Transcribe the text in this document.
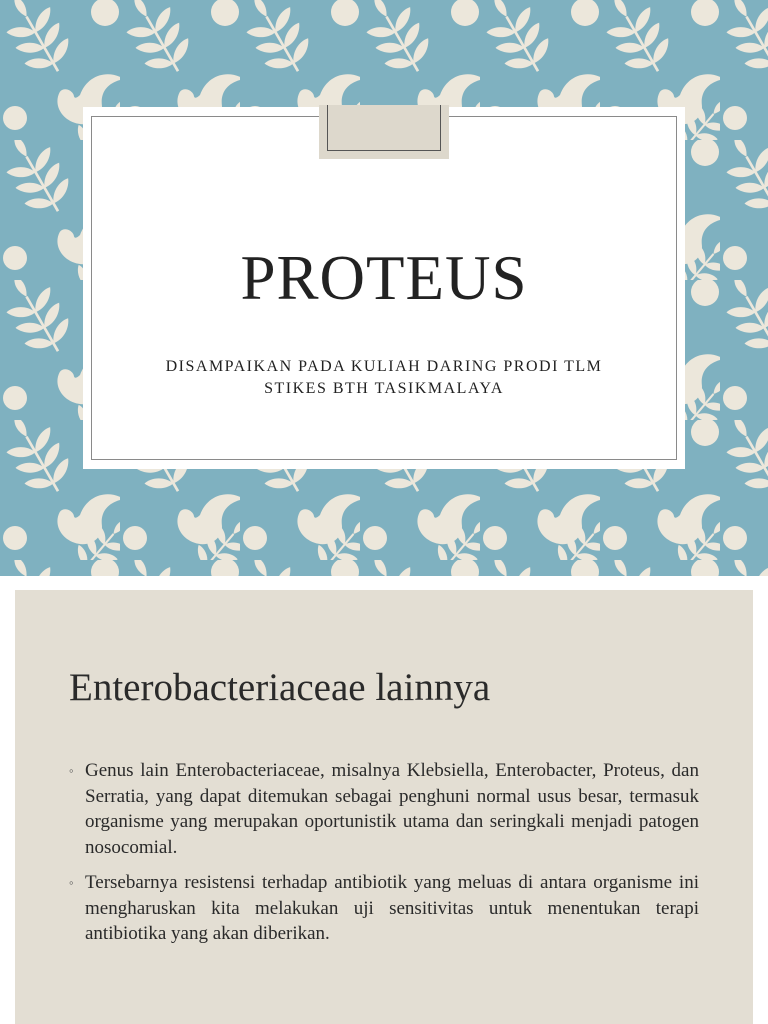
PROTEUS
DISAMPAIKAN PADA KULIAH DARING PRODI TLM
STIKES BTH TASIKMALAYA
Enterobacteriaceae lainnya
◦ Genus lain Enterobacteriaceae, misalnya Klebsiella, Enterobacter, Proteus, dan Serratia, yang dapat ditemukan sebagai penghuni normal usus besar, termasuk organisme yang merupakan oportunistik utama dan seringkali menjadi patogen nosocomial.
◦ Tersebarnya resistensi terhadap antibiotik yang meluas di antara organisme ini mengharuskan kita melakukan uji sensitivitas untuk menentukan terapi antibiotika yang akan diberikan.
